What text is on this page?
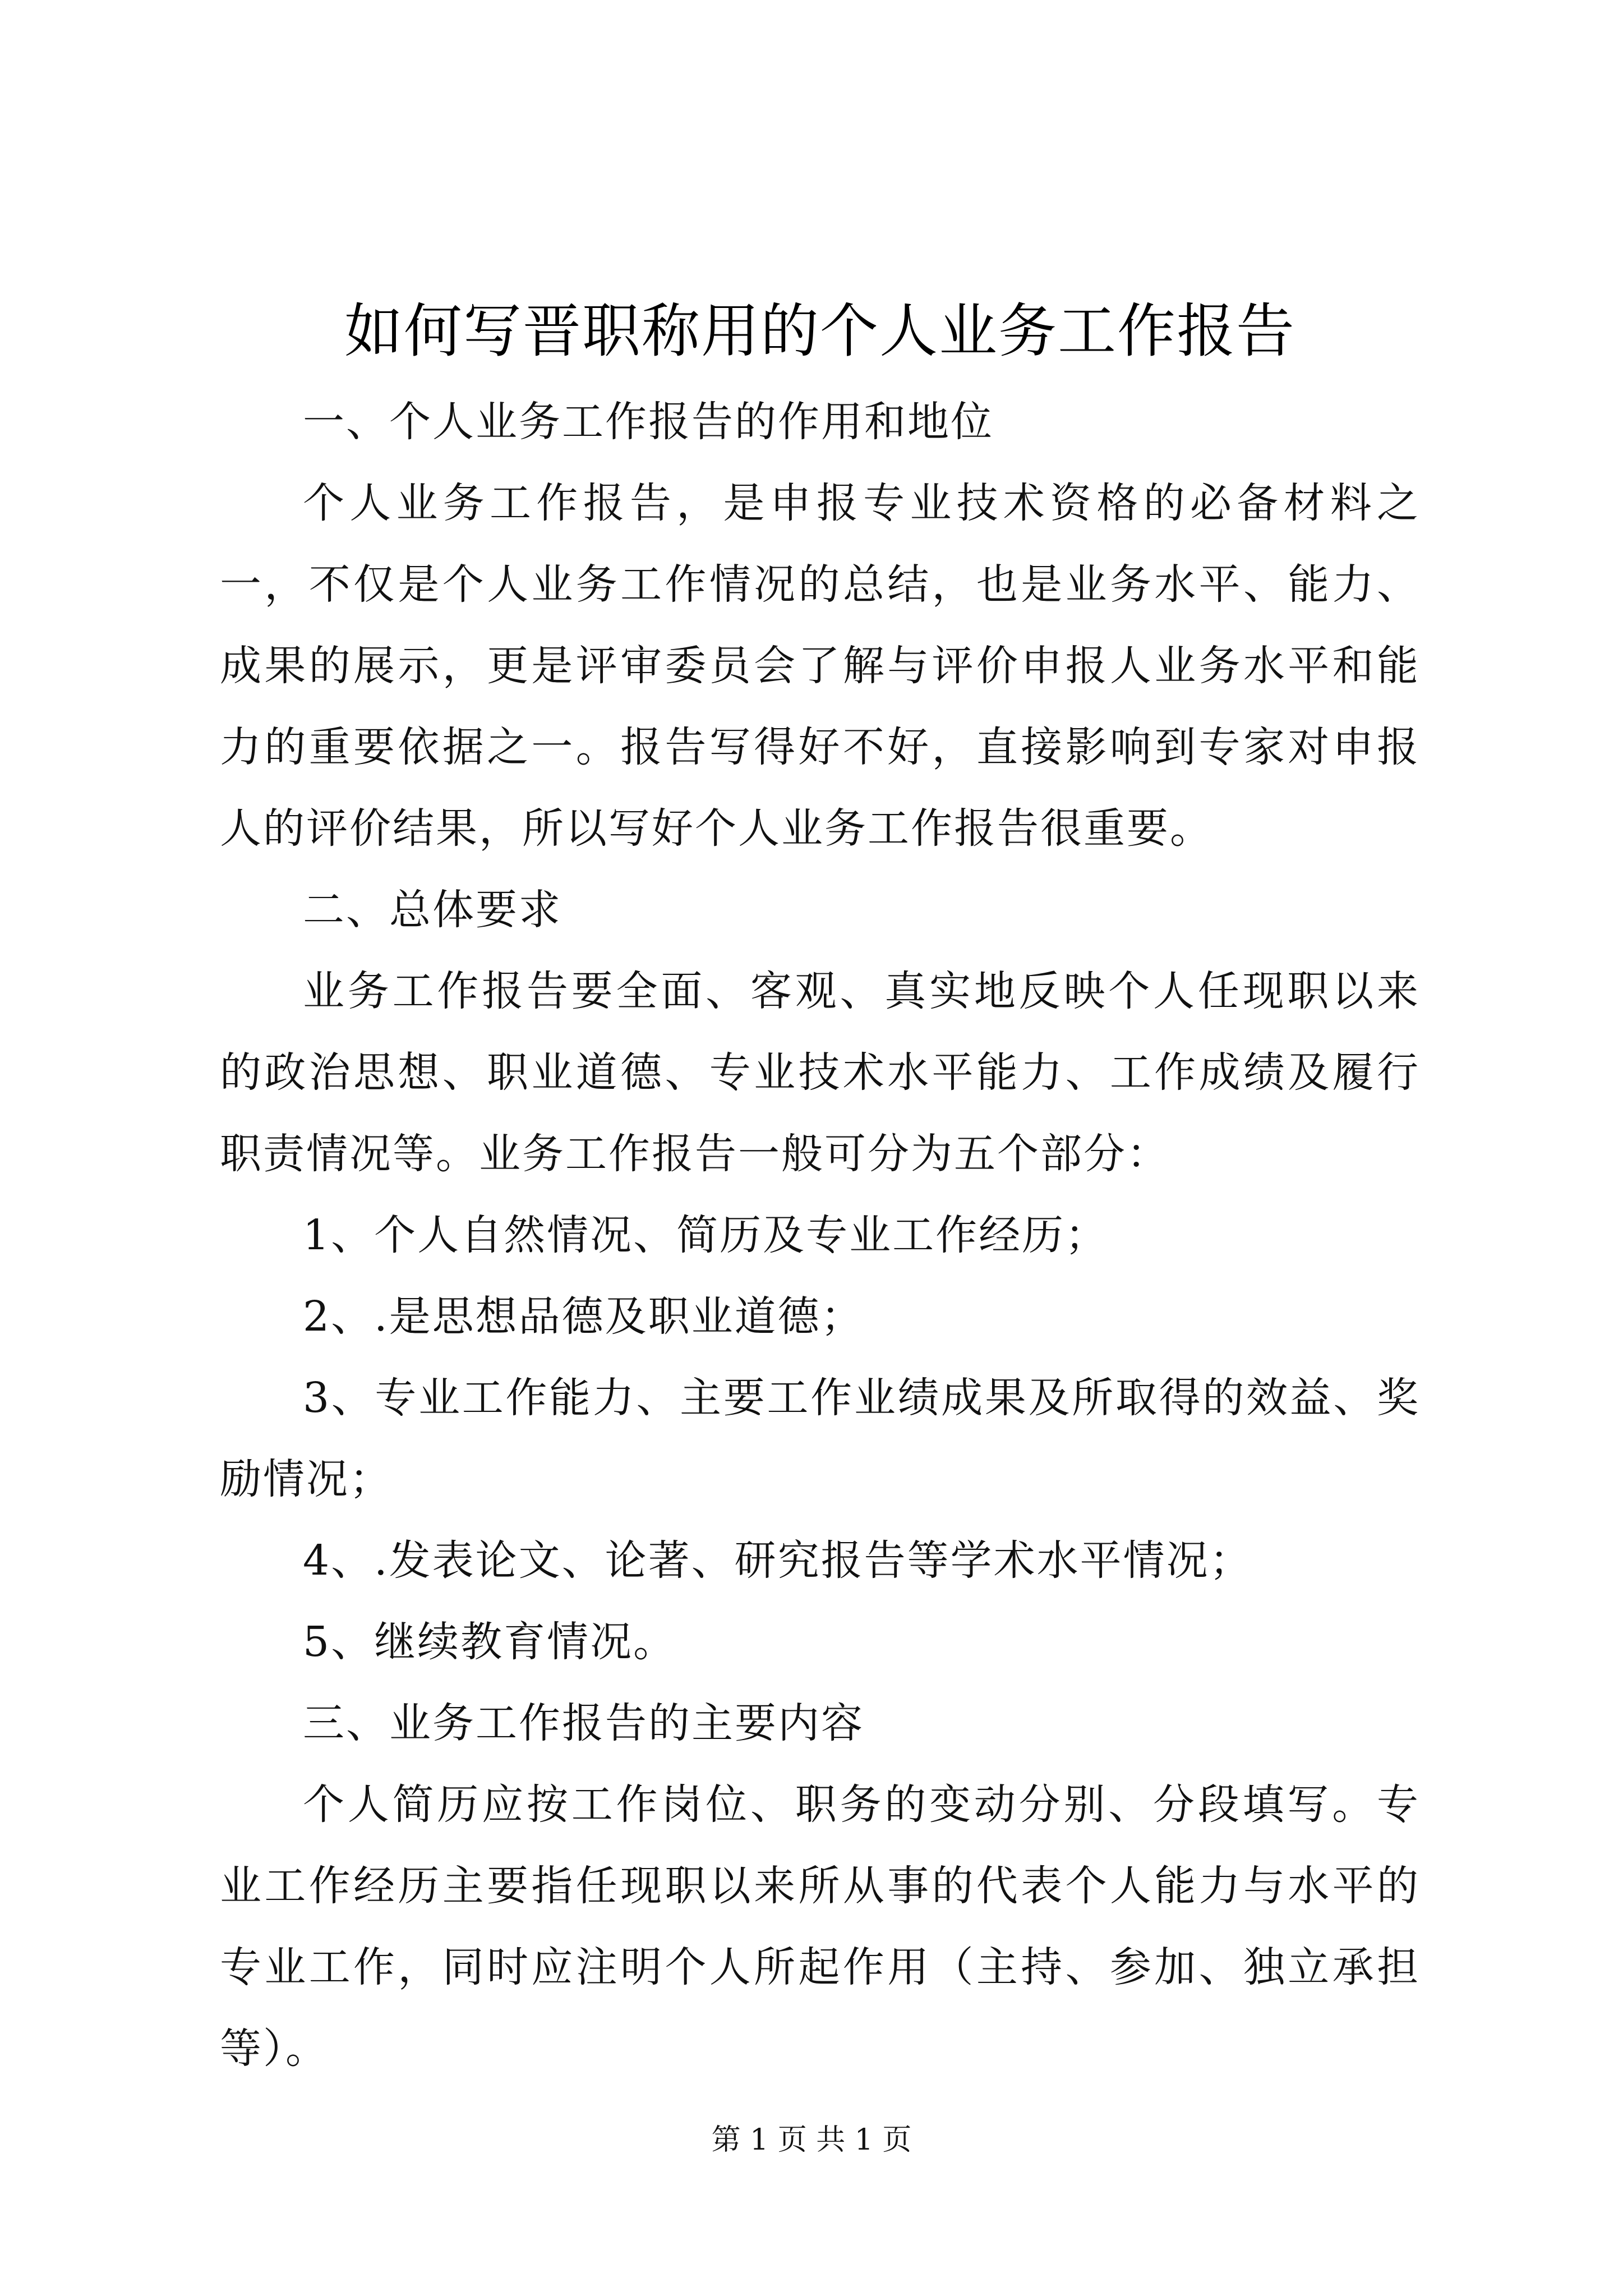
如何写晋职称用的个人业务工作报告

一、个人业务工作报告的作用和地位

个人业务工作报告，是申报专业技术资格的必备材料之一，不仅是个人业务工作情况的总结，也是业务水平、能力、成果的展示，更是评审委员会了解与评价申报人业务水平和能力的重要依据之一。报告写得好不好，直接影响到专家对申报人的评价结果，所以写好个人业务工作报告很重要。

二、总体要求

业务工作报告要全面、客观、真实地反映个人任现职以来的政治思想、职业道德、专业技术水平能力、工作成绩及履行职责情况等。业务工作报告一般可分为五个部分：

1、个人自然情况、简历及专业工作经历；

2、.是思想品德及职业道德；

3、专业工作能力、主要工作业绩成果及所取得的效益、奖励情况；

4、.发表论文、论著、研究报告等学术水平情况；

5、继续教育情况。

三、业务工作报告的主要内容

个人简历应按工作岗位、职务的变动分别、分段填写。专业工作经历主要指任现职以来所从事的代表个人能力与水平的专业工作，同时应注明个人所起作用（主持、参加、独立承担等）。

第 1 页 共 1 页
